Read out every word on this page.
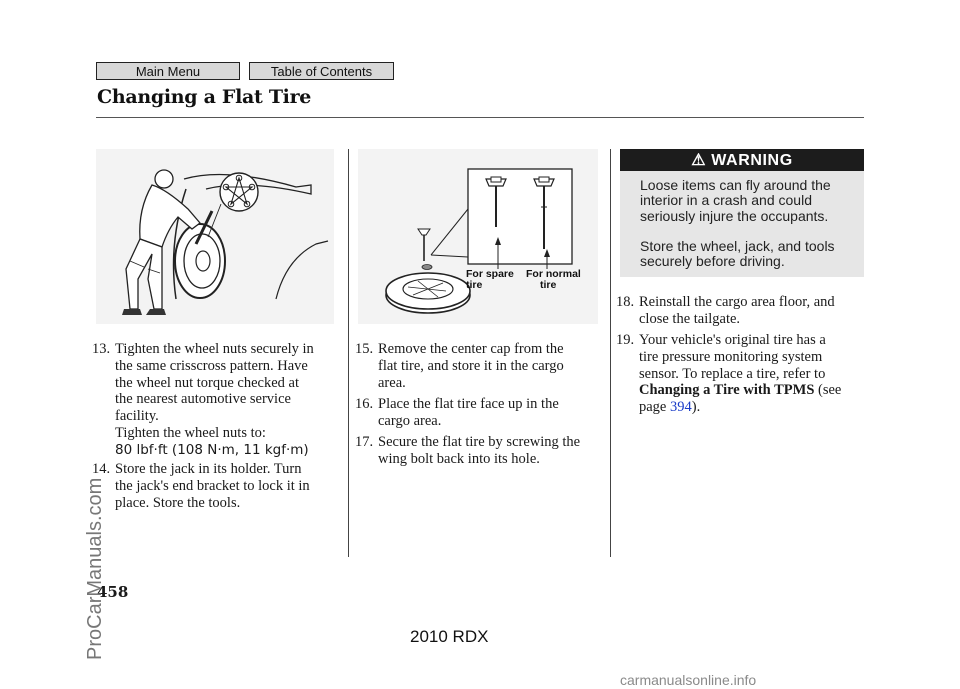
Main Menu	Table of Contents
Changing a Flat Tire
For spare
tire
For normal
tire
13. Tighten the wheel nuts securely in
the same crisscross pattern. Have
the wheel nut torque checked at
the nearest automotive service
facility.
Tighten the wheel nuts to:
80 lbf·ft (108 N·m, 11 kgf·m)
14. Store the jack in its holder. Turn
the jack's end bracket to lock it in
place. Store the tools.
15. Remove the center cap from the
flat tire, and store it in the cargo
area.
16. Place the flat tire face up in the
cargo area.
17. Secure the flat tire by screwing the
wing bolt back into its hole.
⚠ WARNING
Loose items can fly around the
interior in a crash and could
seriously injure the occupants.
Store the wheel, jack, and tools
securely before driving.
18. Reinstall the cargo area floor, and
close the tailgate.
19. Your vehicle's original tire has a
tire pressure monitoring system
sensor. To replace a tire, refer to
Changing a Tire with TPMS (see
page 394).
458
2010 RDX
ProCarManuals.com
carmanualsonline.info
